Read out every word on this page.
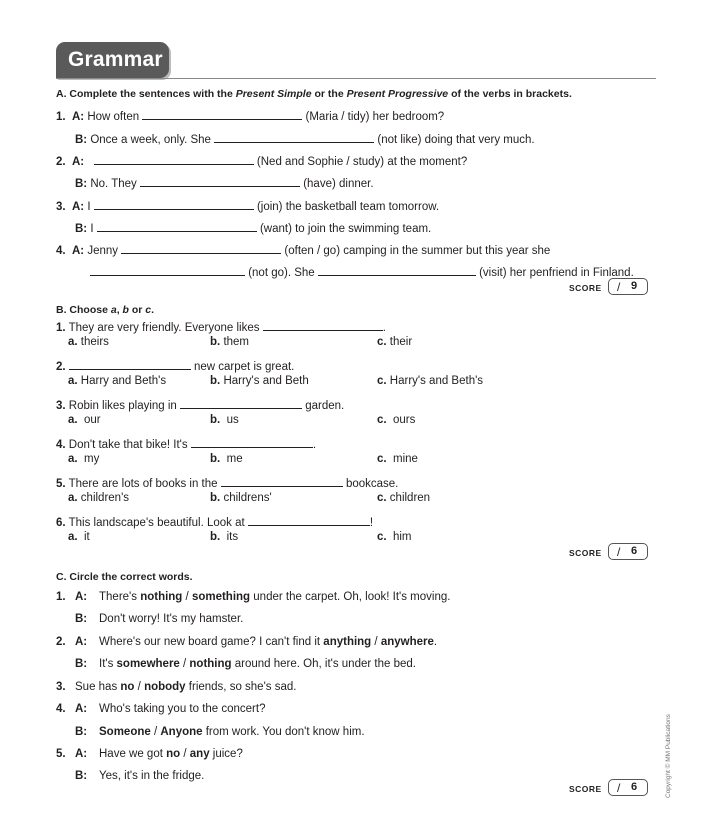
Grammar
A. Complete the sentences with the Present Simple or the Present Progressive of the verbs in brackets.
1. A: How often	(Maria / tidy) her bedroom?
B: Once a week, only. She	(not like) doing that very much.
2. A:	(Ned and Sophie / study) at the moment?
B: No. They	(have) dinner.
3. A: I	(join) the basketball team tomorrow.
B: I	(want) to join the swimming team.
4. A: Jenny	(often / go) camping in the summer but this year she
(not go). She	(visit) her penfriend in Finland.
SCORE / 9
B. Choose a, b or c.
1. They are very friendly. Everyone likes	.
a. theirs	b. them	c. their
2.	new carpet is great.
a. Harry and Beth's	b. Harry's and Beth	c. Harry's and Beth's
3. Robin likes playing in	garden.
a. our	b. us	c. ours
4. Don't take that bike! It's	.
a. my	b. me	c. mine
5. There are lots of books in the	bookcase.
a. children's	b. childrens'	c. children
6. This landscape's beautiful. Look at	!
a. it	b. its	c. him
SCORE / 6
C. Circle the correct words.
1. A: There's nothing / something under the carpet. Oh, look! It's moving.
B: Don't worry! It's my hamster.
2. A: Where's our new board game? I can't find it anything / anywhere.
B: It's somewhere / nothing around here. Oh, it's under the bed.
3. Sue has no / nobody friends, so she's sad.
4. A: Who's taking you to the concert?
B: Someone / Anyone from work. You don't know him.
5. A: Have we got no / any juice?
B: Yes, it's in the fridge.
SCORE / 6	Copyright © MM Publications
